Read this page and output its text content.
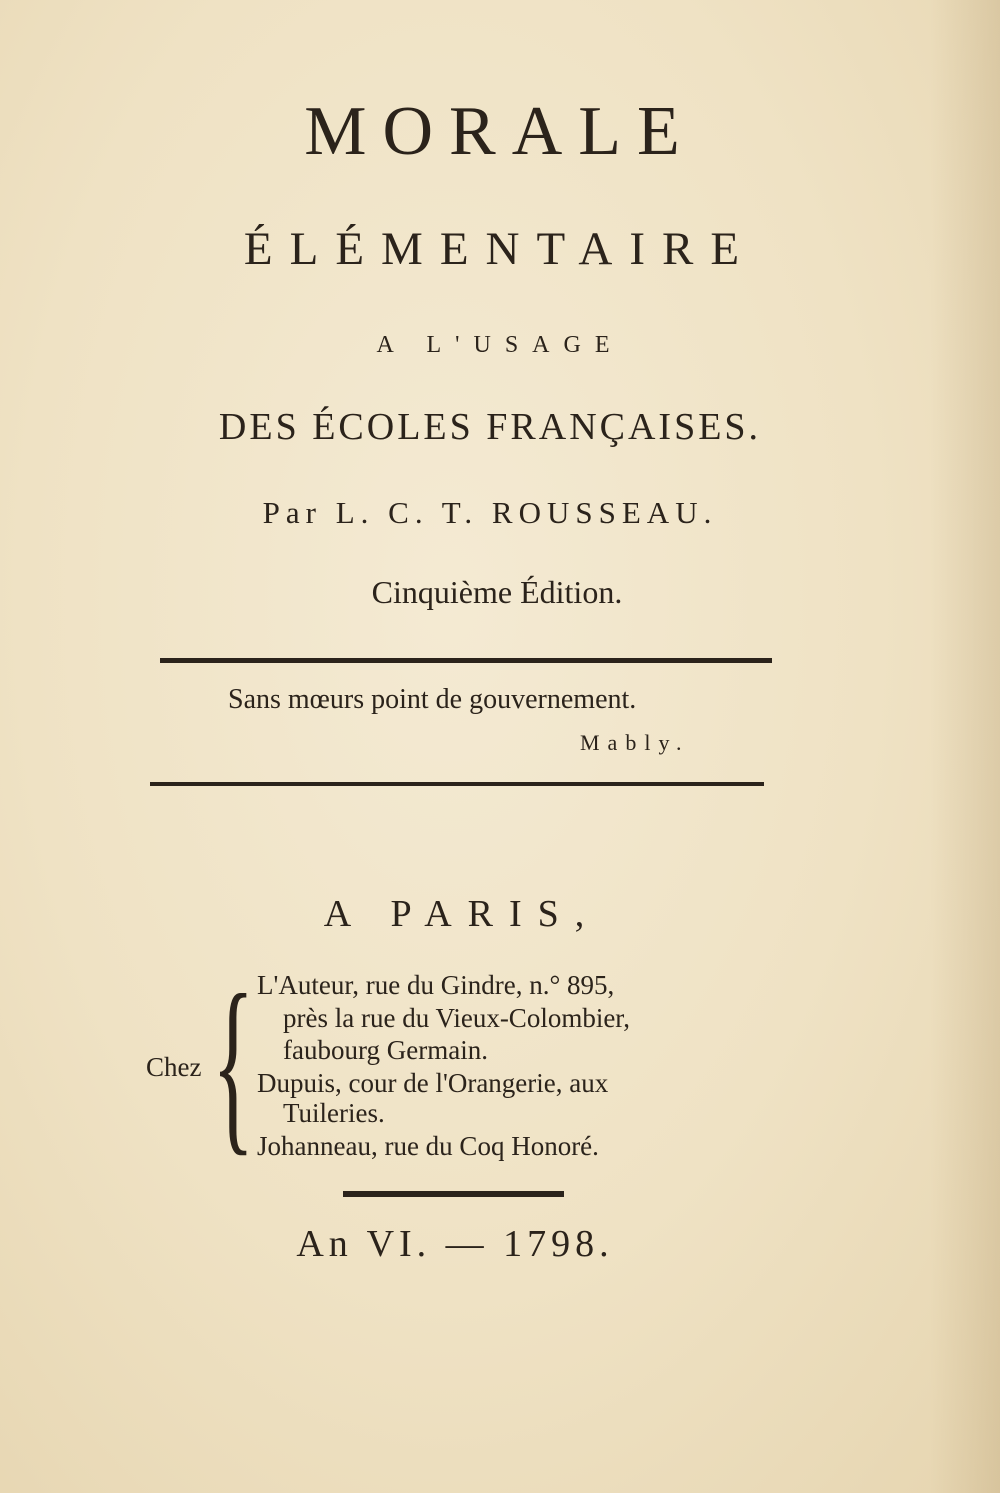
MORALE
ÉLÉMENTAIRE
A L'USAGE
DES ÉCOLES FRANÇAISES.
Par L. C. T. ROUSSEAU.
Cinquième Édition.
Sans mœurs point de gouvernement.
Mably.
A PARIS,
Chez { L'Auteur, rue du Gindre, n.° 895,
près la rue du Vieux-Colombier,
faubourg Germain.
Dupuis, cour de l'Orangerie, aux
Tuileries.
Johanneau, rue du Coq Honoré.
An VI. — 1798.
